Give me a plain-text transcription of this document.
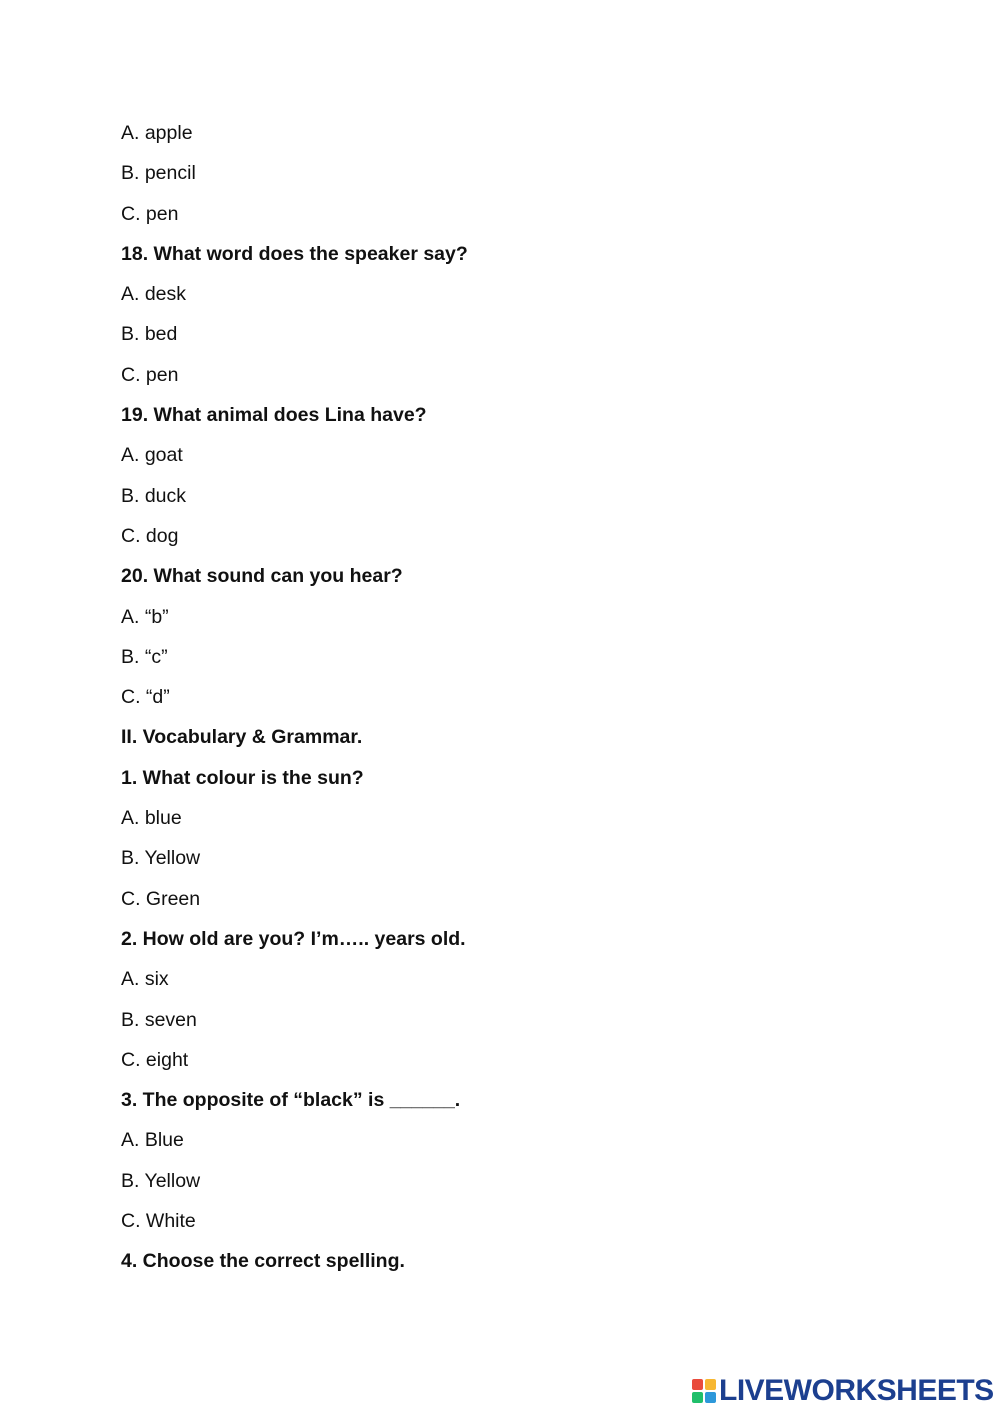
A. apple
B. pencil
C. pen
18. What word does the speaker say?
A. desk
B. bed
C. pen
19. What animal does Lina have?
A. goat
B. duck
C. dog
20. What sound can you hear?
A. “b”
B. “c”
C. “d”
II. Vocabulary & Grammar.
1. What colour is the sun?
A. blue
B. Yellow
C. Green
2. How old are you? I’m….. years old.
A. six
B. seven
C. eight
3. The opposite of “black” is ______.
A. Blue
B. Yellow
C. White
4. Choose the correct spelling.
LIVEWORKSHEETS
